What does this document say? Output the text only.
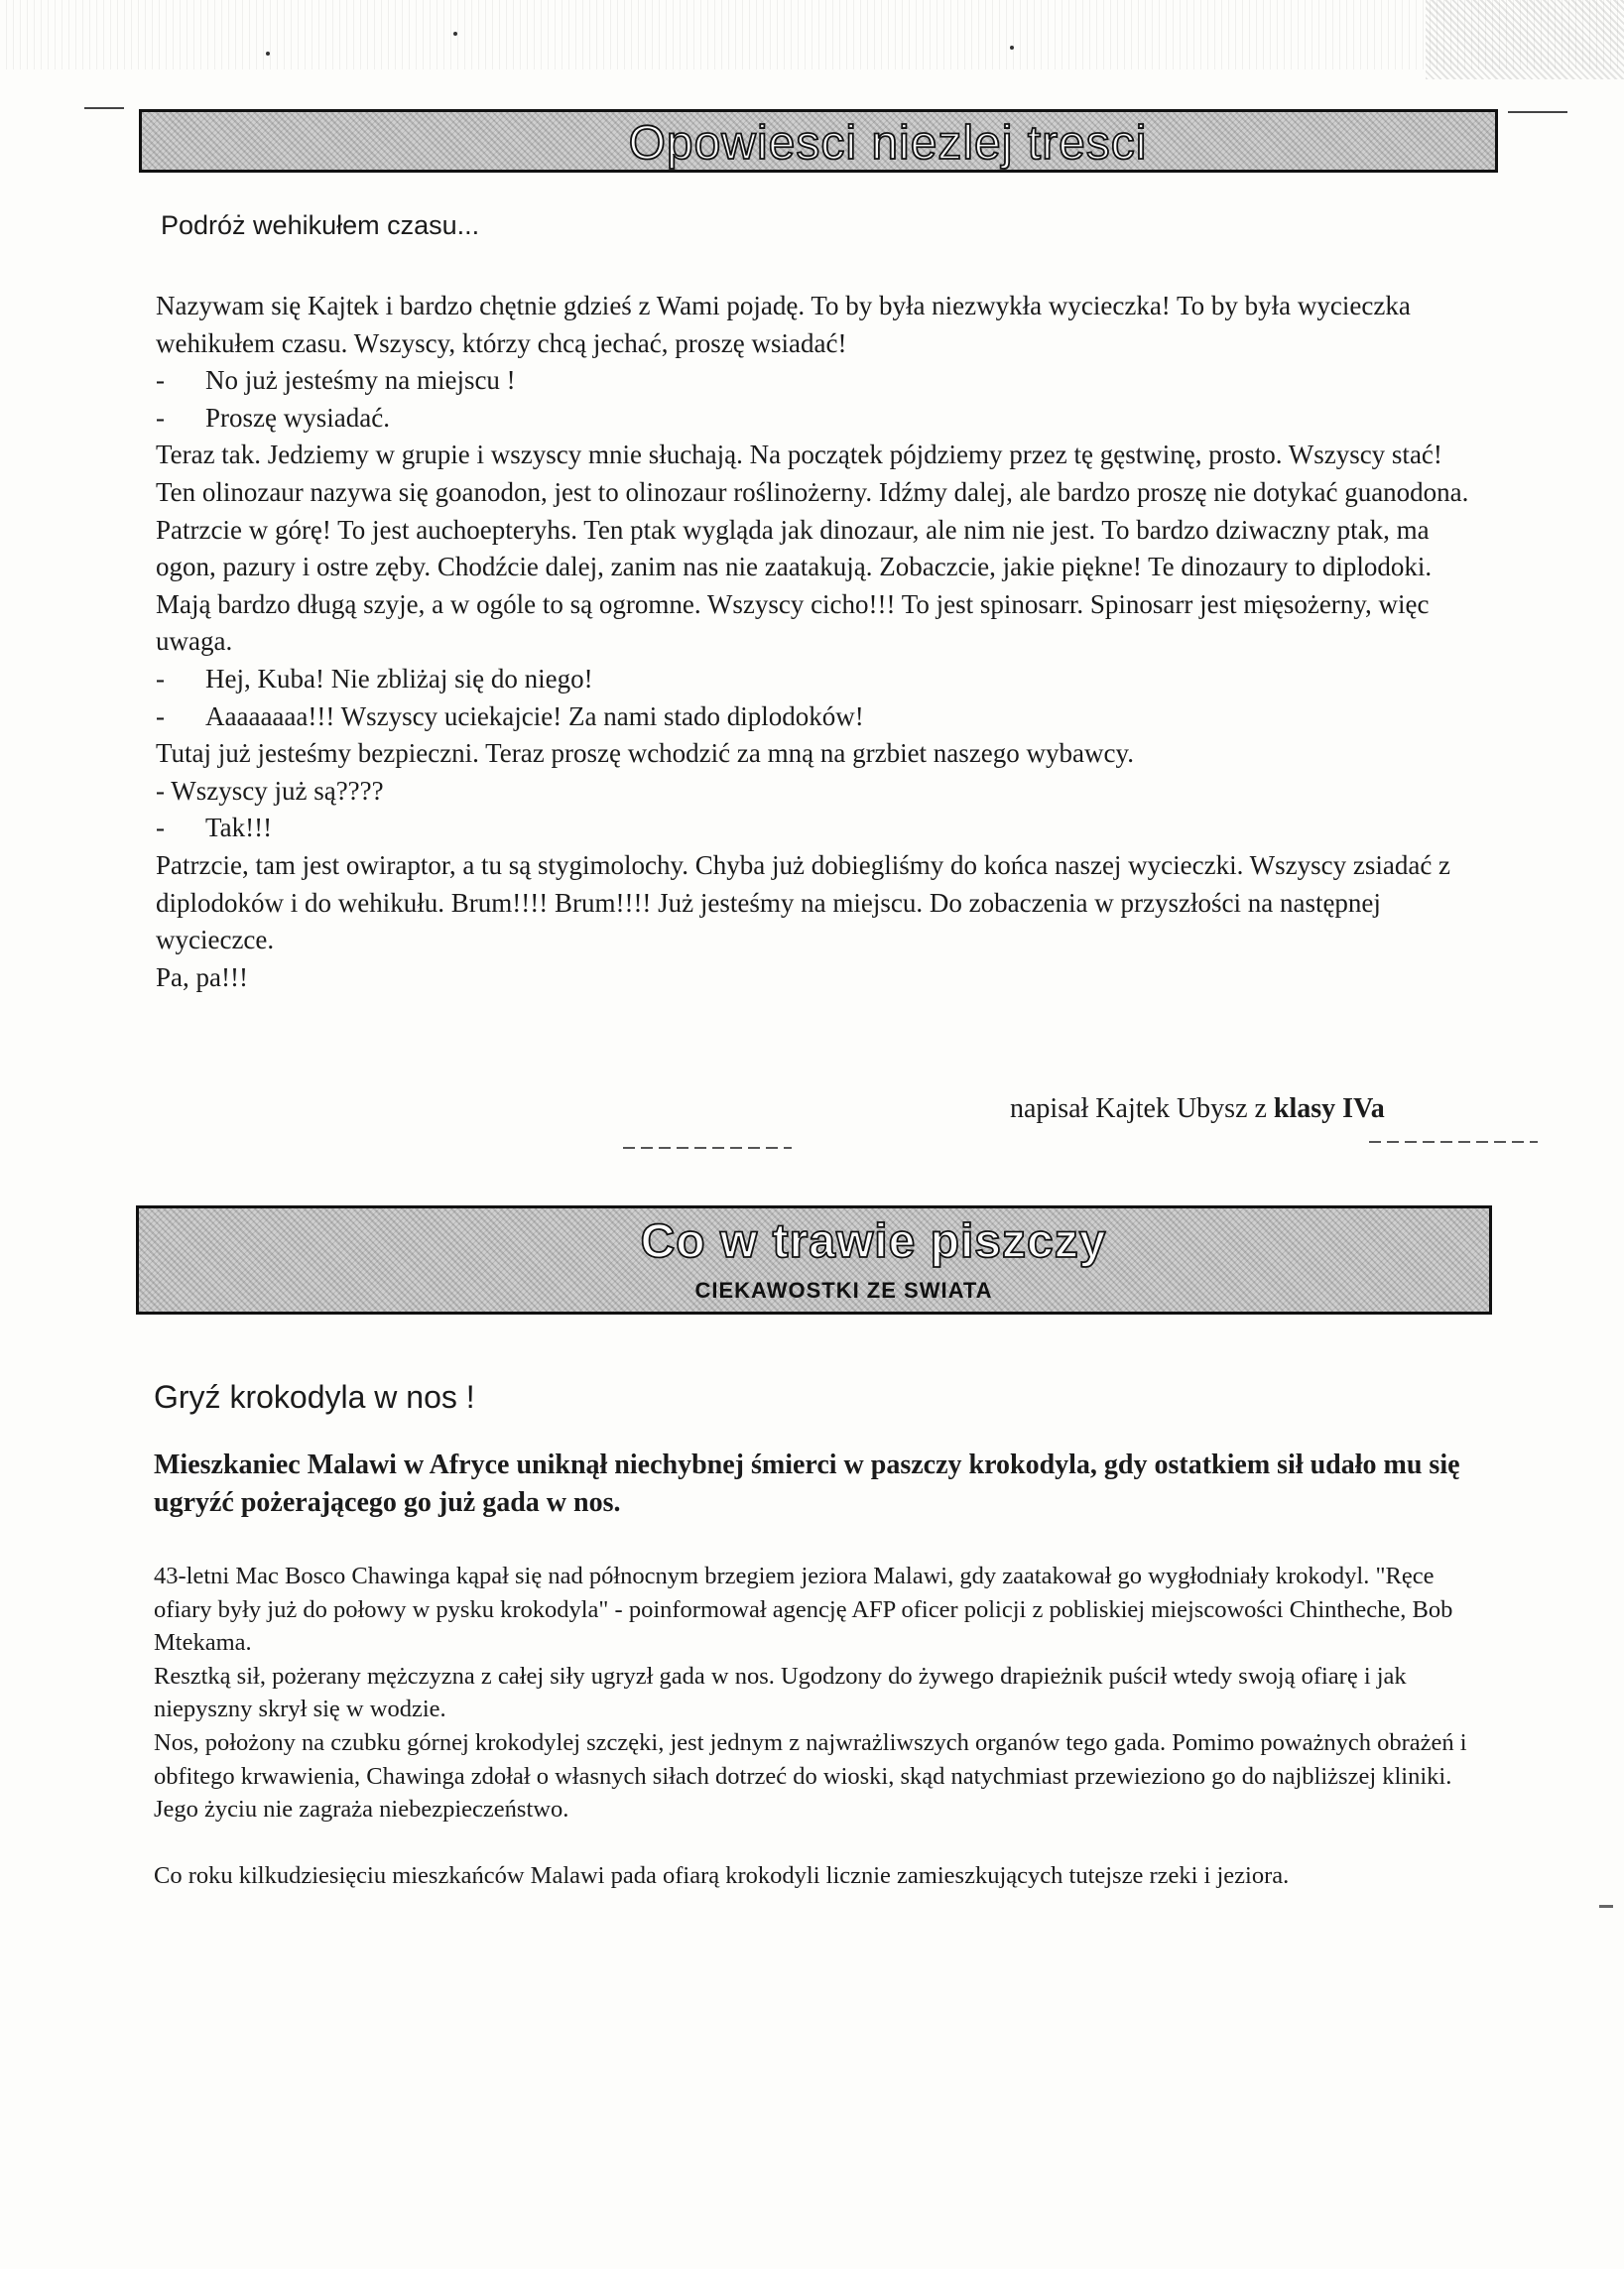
Opowiesci niezlej tresci
Podróż wehikułem czasu...

Nazywam się Kajtek i bardzo chętnie gdzieś z Wami pojadę. To by była niezwykła wycieczka! To by była wycieczka wehikułem czasu. Wszyscy, którzy chcą jechać, proszę wsiadać!

- No już jesteśmy na miejscu !

- Proszę wysiadać.

Teraz tak. Jedziemy w grupie i wszyscy mnie słuchają. Na początek pójdziemy przez tę gęstwinę, prosto. Wszyscy stać! Ten olinozaur nazywa się goanodon, jest to olinozaur roślinożerny. Idźmy dalej, ale bardzo proszę nie dotykać guanodona. Patrzcie w górę! To jest auchoepteryhs. Ten ptak wygląda jak dinozaur, ale nim nie jest. To bardzo dziwaczny ptak, ma ogon, pazury i ostre zęby. Chodźcie dalej, zanim nas nie zaatakują. Zobaczcie, jakie piękne! Te dinozaury to diplodoki. Mają bardzo długą szyje, a w ogóle to są ogromne. Wszyscy cicho!!! To jest spinosarr. Spinosarr jest mięsożerny, więc uwaga.

- Hej, Kuba! Nie zbliżaj się do niego!

- Aaaaaaaa!!! Wszyscy uciekajcie! Za nami stado diplodoków!

Tutaj już jesteśmy bezpieczni. Teraz proszę wchodzić za mną na grzbiet naszego wybawcy.

- Wszyscy już są????

- Tak!!!

Patrzcie, tam jest owiraptor, a tu są stygimolochy. Chyba już dobiegliśmy do końca naszej wycieczki. Wszyscy zsiadać z diplodoków i do wehikułu. Brum!!!! Brum!!!! Już jesteśmy na miejscu. Do zobaczenia w przyszłości na następnej wycieczce.

Pa, pa!!!

napisał Kajtek Ubysz z klasy IVa
Co w trawie piszczy
CIEKAWOSTKI ZE SWIATA
Gryź krokodyla w nos !
Mieszkaniec Malawi w Afryce uniknął niechybnej śmierci w paszczy krokodyla, gdy ostatkiem sił udało mu się ugryźć pożerającego go już gada w nos.

43-letni Mac Bosco Chawinga kąpał się nad północnym brzegiem jeziora Malawi, gdy zaatakował go wygłodniały krokodyl. "Ręce ofiary były już do połowy w pysku krokodyla" - poinformował agencję AFP oficer policji z pobliskiej miejscowości Chintheche, Bob Mtekama.

Resztką sił, pożerany mężczyzna z całej siły ugryzł gada w nos. Ugodzony do żywego drapieżnik puścił wtedy swoją ofiarę i jak niepyszny skrył się w wodzie.

Nos, położony na czubku górnej krokodylej szczęki, jest jednym z najwrażliwszych organów tego gada. Pomimo poważnych obrażeń i obfitego krwawienia, Chawinga zdołał o własnych siłach dotrzeć do wioski, skąd natychmiast przewieziono go do najbliższej kliniki. Jego życiu nie zagraża niebezpieczeństwo.

Co roku kilkudziesięciu mieszkańców Malawi pada ofiarą krokodyli licznie zamieszkujących tutejsze rzeki i jeziora.
